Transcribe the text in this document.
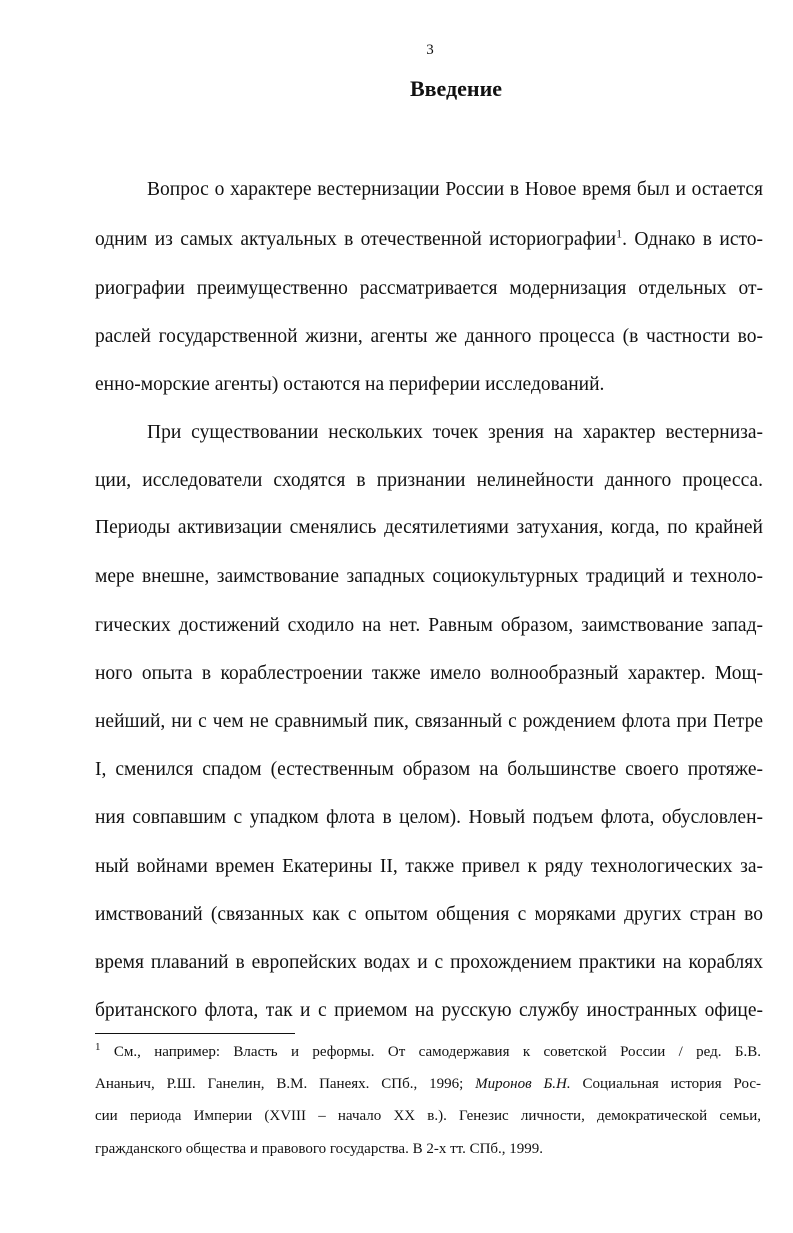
3
Введение
Вопрос о характере вестернизации России в Новое время был и остается
одним из самых актуальных в отечественной историографии$^1$. Однако в исто-
риографии преимущественно рассматривается модернизация отдельных от-
раслей государственной жизни, агенты же данного процесса (в частности во-
енно-морские агенты) остаются на периферии исследований.
При существовании нескольких точек зрения на характер вестерниза-
ции, исследователи сходятся в признании нелинейности данного процесса.
Периоды активизации сменялись десятилетиями затухания, когда, по крайней
мере внешне, заимствование западных социокультурных традиций и техноло-
гических достижений сходило на нет. Равным образом, заимствование запад-
ного опыта в кораблестроении также имело волнообразный характер. Мощ-
нейший, ни с чем не сравнимый пик, связанный с рождением флота при Петре
I, сменился спадом (естественным образом на большинстве своего протяже-
ния совпавшим с упадком флота в целом). Новый подъем флота, обусловлен-
ный войнами времен Екатерины II, также привел к ряду технологических за-
имствований (связанных как с опытом общения с моряками других стран во
время плаваний в европейских водах и с прохождением практики на кораблях
британского флота, так и с приемом на русскую службу иностранных офице-
$^1$ См., например: Власть и реформы. От самодержавия к советской России / ред. Б.В.
Ананьич, Р.Ш. Ганелин, В.М. Панеях. СПб., 1996; Миронов Б.Н. Социальная история Рос-
сии периода Империи (XVIII – начало XX в.). Генезис личности, демократической семьи,
гражданского общества и правового государства. В 2-х тт. СПб., 1999.
